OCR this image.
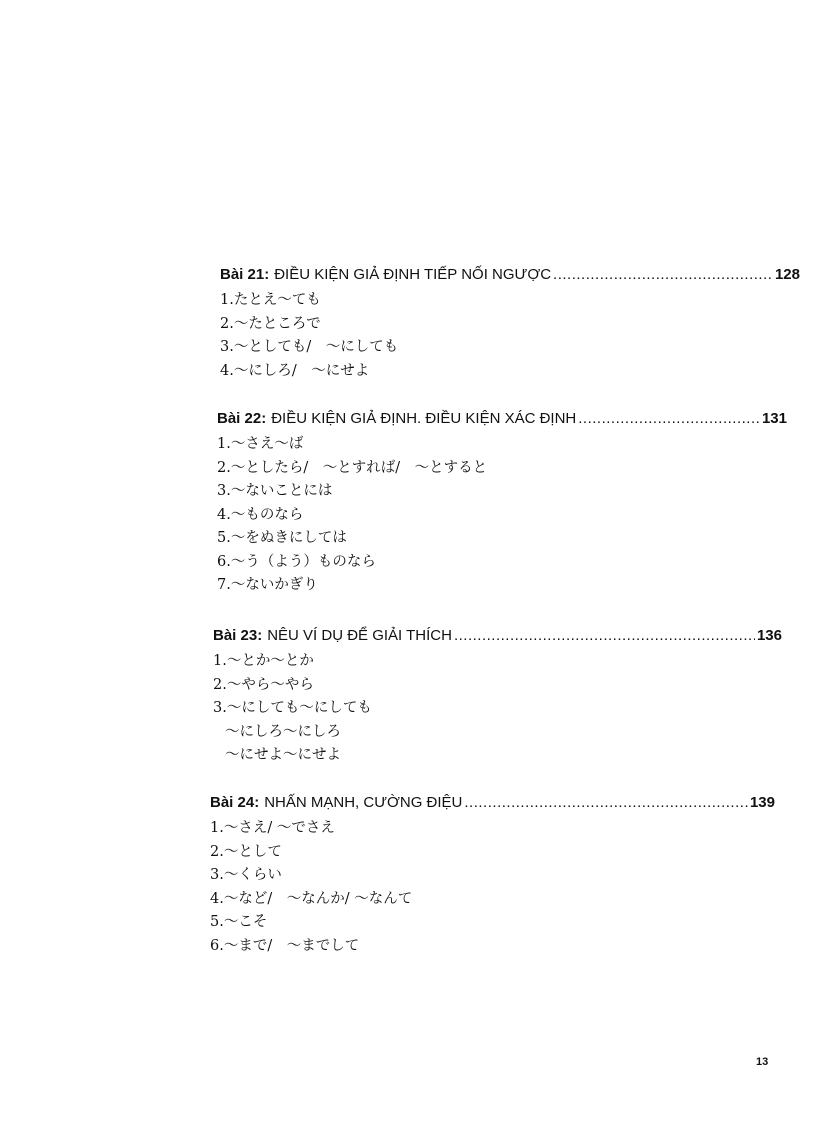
Bài 21: ĐIỀU KIỆN GIẢ ĐỊNH TIẾP NỐI NGƯỢC .....	128
1.たとえ〜ても
2.〜たところで
3.〜としても/　〜にしても
4.〜にしろ/　〜にせよ
Bài 22: ĐIỀU KIỆN GIẢ ĐỊNH. ĐIỀU KIỆN XÁC ĐỊNH .....	131
1.〜さえ〜ば
2.〜としたら/　〜とすれば/　〜とすると
3.〜ないことには
4.〜ものなら
5.〜をぬきにしては
6.〜う（よう）ものなら
7.〜ないかぎり
Bài 23: NÊU VÍ DỤ ĐỂ GIẢI THÍCH .....	136
1.〜とか〜とか
2.〜やら〜やら
3.〜にしても〜にしても
〜にしろ〜にしろ
〜にせよ〜にせよ
Bài 24: NHẤN MẠNH, CƯỜNG ĐIỆU .....	139
1.〜さえ/ 〜でさえ
2.〜として
3.〜くらい
4.〜など/　〜なんか/ 〜なんて
5.〜こそ
6.〜まで/　〜までして
13
